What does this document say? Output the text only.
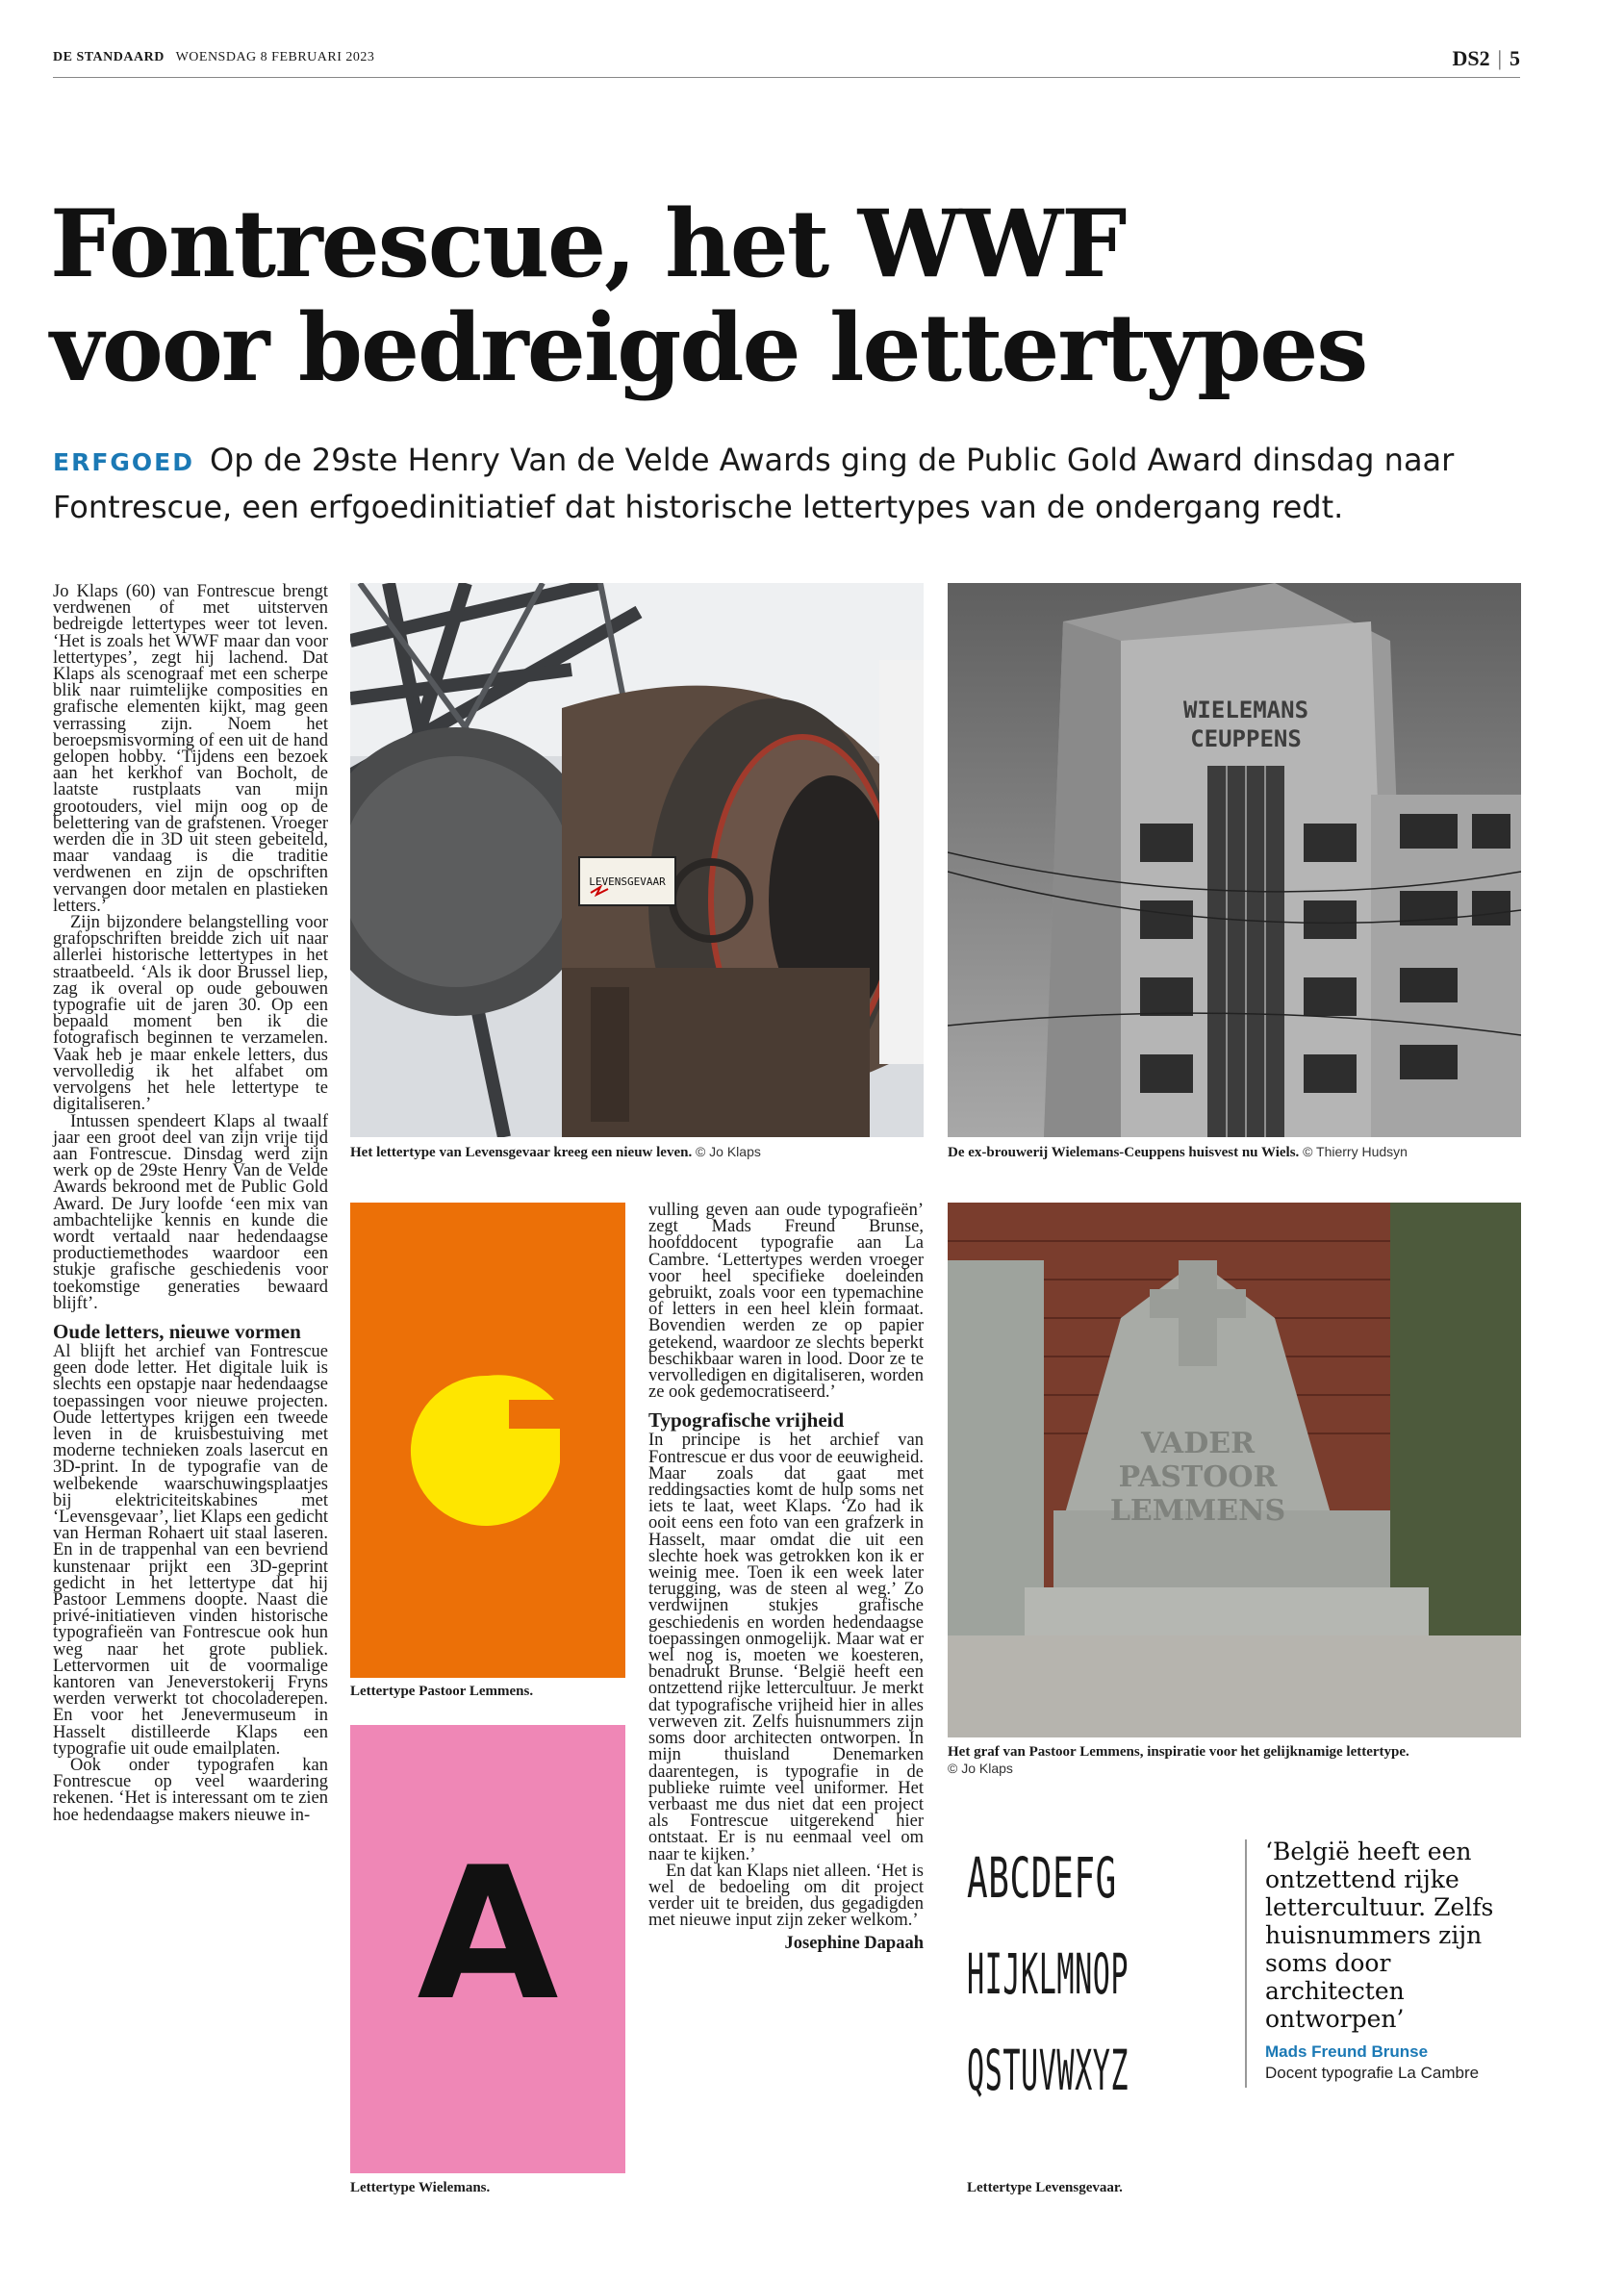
DE STANDAARD WOENSDAG 8 FEBRUARI 2023	DS2 | 5
Fontrescue, het WWF
voor bedreigde lettertypes
ERFGOED Op de 29ste Henry Van de Velde Awards ging de Public Gold Award dinsdag naar Fontrescue, een erfgoedinitiatief dat historische lettertypes van de ondergang redt.

Jo Klaps (60) van Fontrescue brengt verdwenen of met uitsterven bedreigde lettertypes weer tot leven. ‘Het is zoals het WWF maar dan voor lettertypes’, zegt hij lachend. Dat Klaps als scenograaf met een scherpe blik naar ruimtelijke composities en grafische elementen kijkt, mag geen verrassing zijn. Noem het beroepsmisvorming of een uit de hand gelopen hobby. ‘Tijdens een bezoek aan het kerkhof van Bocholt, de laatste rustplaats van mijn grootouders, viel mijn oog op de belettering van de grafstenen. Vroeger werden die in 3D uit steen gebeiteld, maar vandaag is die traditie verdwenen en zijn de opschriften vervangen door metalen en plastieken letters.’

Zijn bijzondere belangstelling voor grafopschriften breidde zich uit naar allerlei historische lettertypes in het straatbeeld. ‘Als ik door Brussel liep, zag ik overal op oude gebouwen typografie uit de jaren 30. Op een bepaald moment ben ik die fotografisch beginnen te verzamelen. Vaak heb je maar enkele letters, dus vervolledig ik het alfabet om vervolgens het hele lettertype te digitaliseren.’

Intussen spendeert Klaps al twaalf jaar een groot deel van zijn vrije tijd aan Fontrescue. Dinsdag werd zijn werk op de 29ste Henry Van de Velde Awards bekroond met de Public Gold Award. De Jury loofde ‘een mix van ambachtelijke kennis en kunde die wordt vertaald naar hedendaagse productiemethodes waardoor een stukje grafische geschiedenis voor toekomstige generaties bewaard blijft’.

Oude letters, nieuwe vormen

Al blijft het archief van Fontrescue geen dode letter. Het digitale luik is slechts een opstapje naar hedendaagse toepassingen voor nieuwe projecten. Oude lettertypes krijgen een tweede leven in de kruisbestuiving met moderne technieken zoals lasercut en 3D-print. In de typografie van de welbekende waarschuwingsplaatjes bij elektriciteitskabines met ‘Levensgevaar’, liet Klaps een gedicht van Herman Rohaert uit staal laseren. En in de trappenhal van een bevriend kunstenaar prijkt een 3D-geprint gedicht in het lettertype dat hij Pastoor Lemmens doopte. Naast die privé-initiatieven vinden historische typografieën van Fontrescue ook hun weg naar het grote publiek. Lettervormen uit de voormalige kantoren van Jeneverstokerij Fryns werden verwerkt tot chocoladerepen. En voor het Jenevermuseum in Hasselt distilleerde Klaps een typografie uit oude emailplaten.

Ook onder typografen kan Fontrescue op veel waardering rekenen. ‘Het is interessant om te zien hoe hedendaagse makers nieuwe in-

LEVENSGEVAAR
Het lettertype van Levensgevaar kreeg een nieuw leven. © Jo Klaps
WIELEMANS
CEUPPENS
De ex-brouwerij Wielemans-Ceuppens huisvest nu Wiels. © Thierry Hudsyn
Lettertype Pastoor Lemmens.
A
Lettertype Wielemans.

vulling geven aan oude typografieën’ zegt Mads Freund Brunse, hoofddocent typografie aan La Cambre. ‘Lettertypes werden vroeger voor heel specifieke doeleinden gebruikt, zoals voor een typemachine of letters in een heel klein formaat. Bovendien werden ze op papier getekend, waardoor ze slechts beperkt beschikbaar waren in lood. Door ze te vervolledigen en digitaliseren, worden ze ook gedemocratiseerd.’

Typografische vrijheid

In principe is het archief van Fontrescue er dus voor de eeuwigheid. Maar zoals dat gaat met reddingsacties komt de hulp soms net iets te laat, weet Klaps. ‘Zo had ik ooit eens een foto van een grafzerk in Hasselt, maar omdat die uit een slechte hoek was getrokken kon ik er weinig mee. Toen ik een week later terugging, was de steen al weg.’ Zo verdwijnen stukjes grafische geschiedenis en worden hedendaagse toepassingen onmogelijk. Maar wat er wel nog is, moeten we koesteren, benadrukt Brunse. ‘België heeft een ontzettend rijke lettercultuur. Je merkt dat typografische vrijheid hier in alles verweven zit. Zelfs huisnummers zijn soms door architecten ontworpen. In mijn thuisland Denemarken daarentegen, is typografie in de publieke ruimte veel uniformer. Het verbaast me dus niet dat een project als Fontrescue uitgerekend hier ontstaat. Er is nu eenmaal veel om naar te kijken.’

En dat kan Klaps niet alleen. ‘Het is wel de bedoeling om dit project verder uit te breiden, dus gegadigden met nieuwe input zijn zeker welkom.’

Josephine Dapaah
VADER
PASTOOR
LEMMENS
Het graf van Pastoor Lemmens, inspiratie voor het gelijknamige lettertype.
© Jo Klaps
ABCDEFG
HIJKLMNOP
QSTUVWXYZ
Lettertype Levensgevaar.
‘België heeft een ontzettend rijke lettercultuur. Zelfs huisnummers zijn soms door architecten ontworpen’
Mads Freund Brunse
Docent typografie La Cambre
